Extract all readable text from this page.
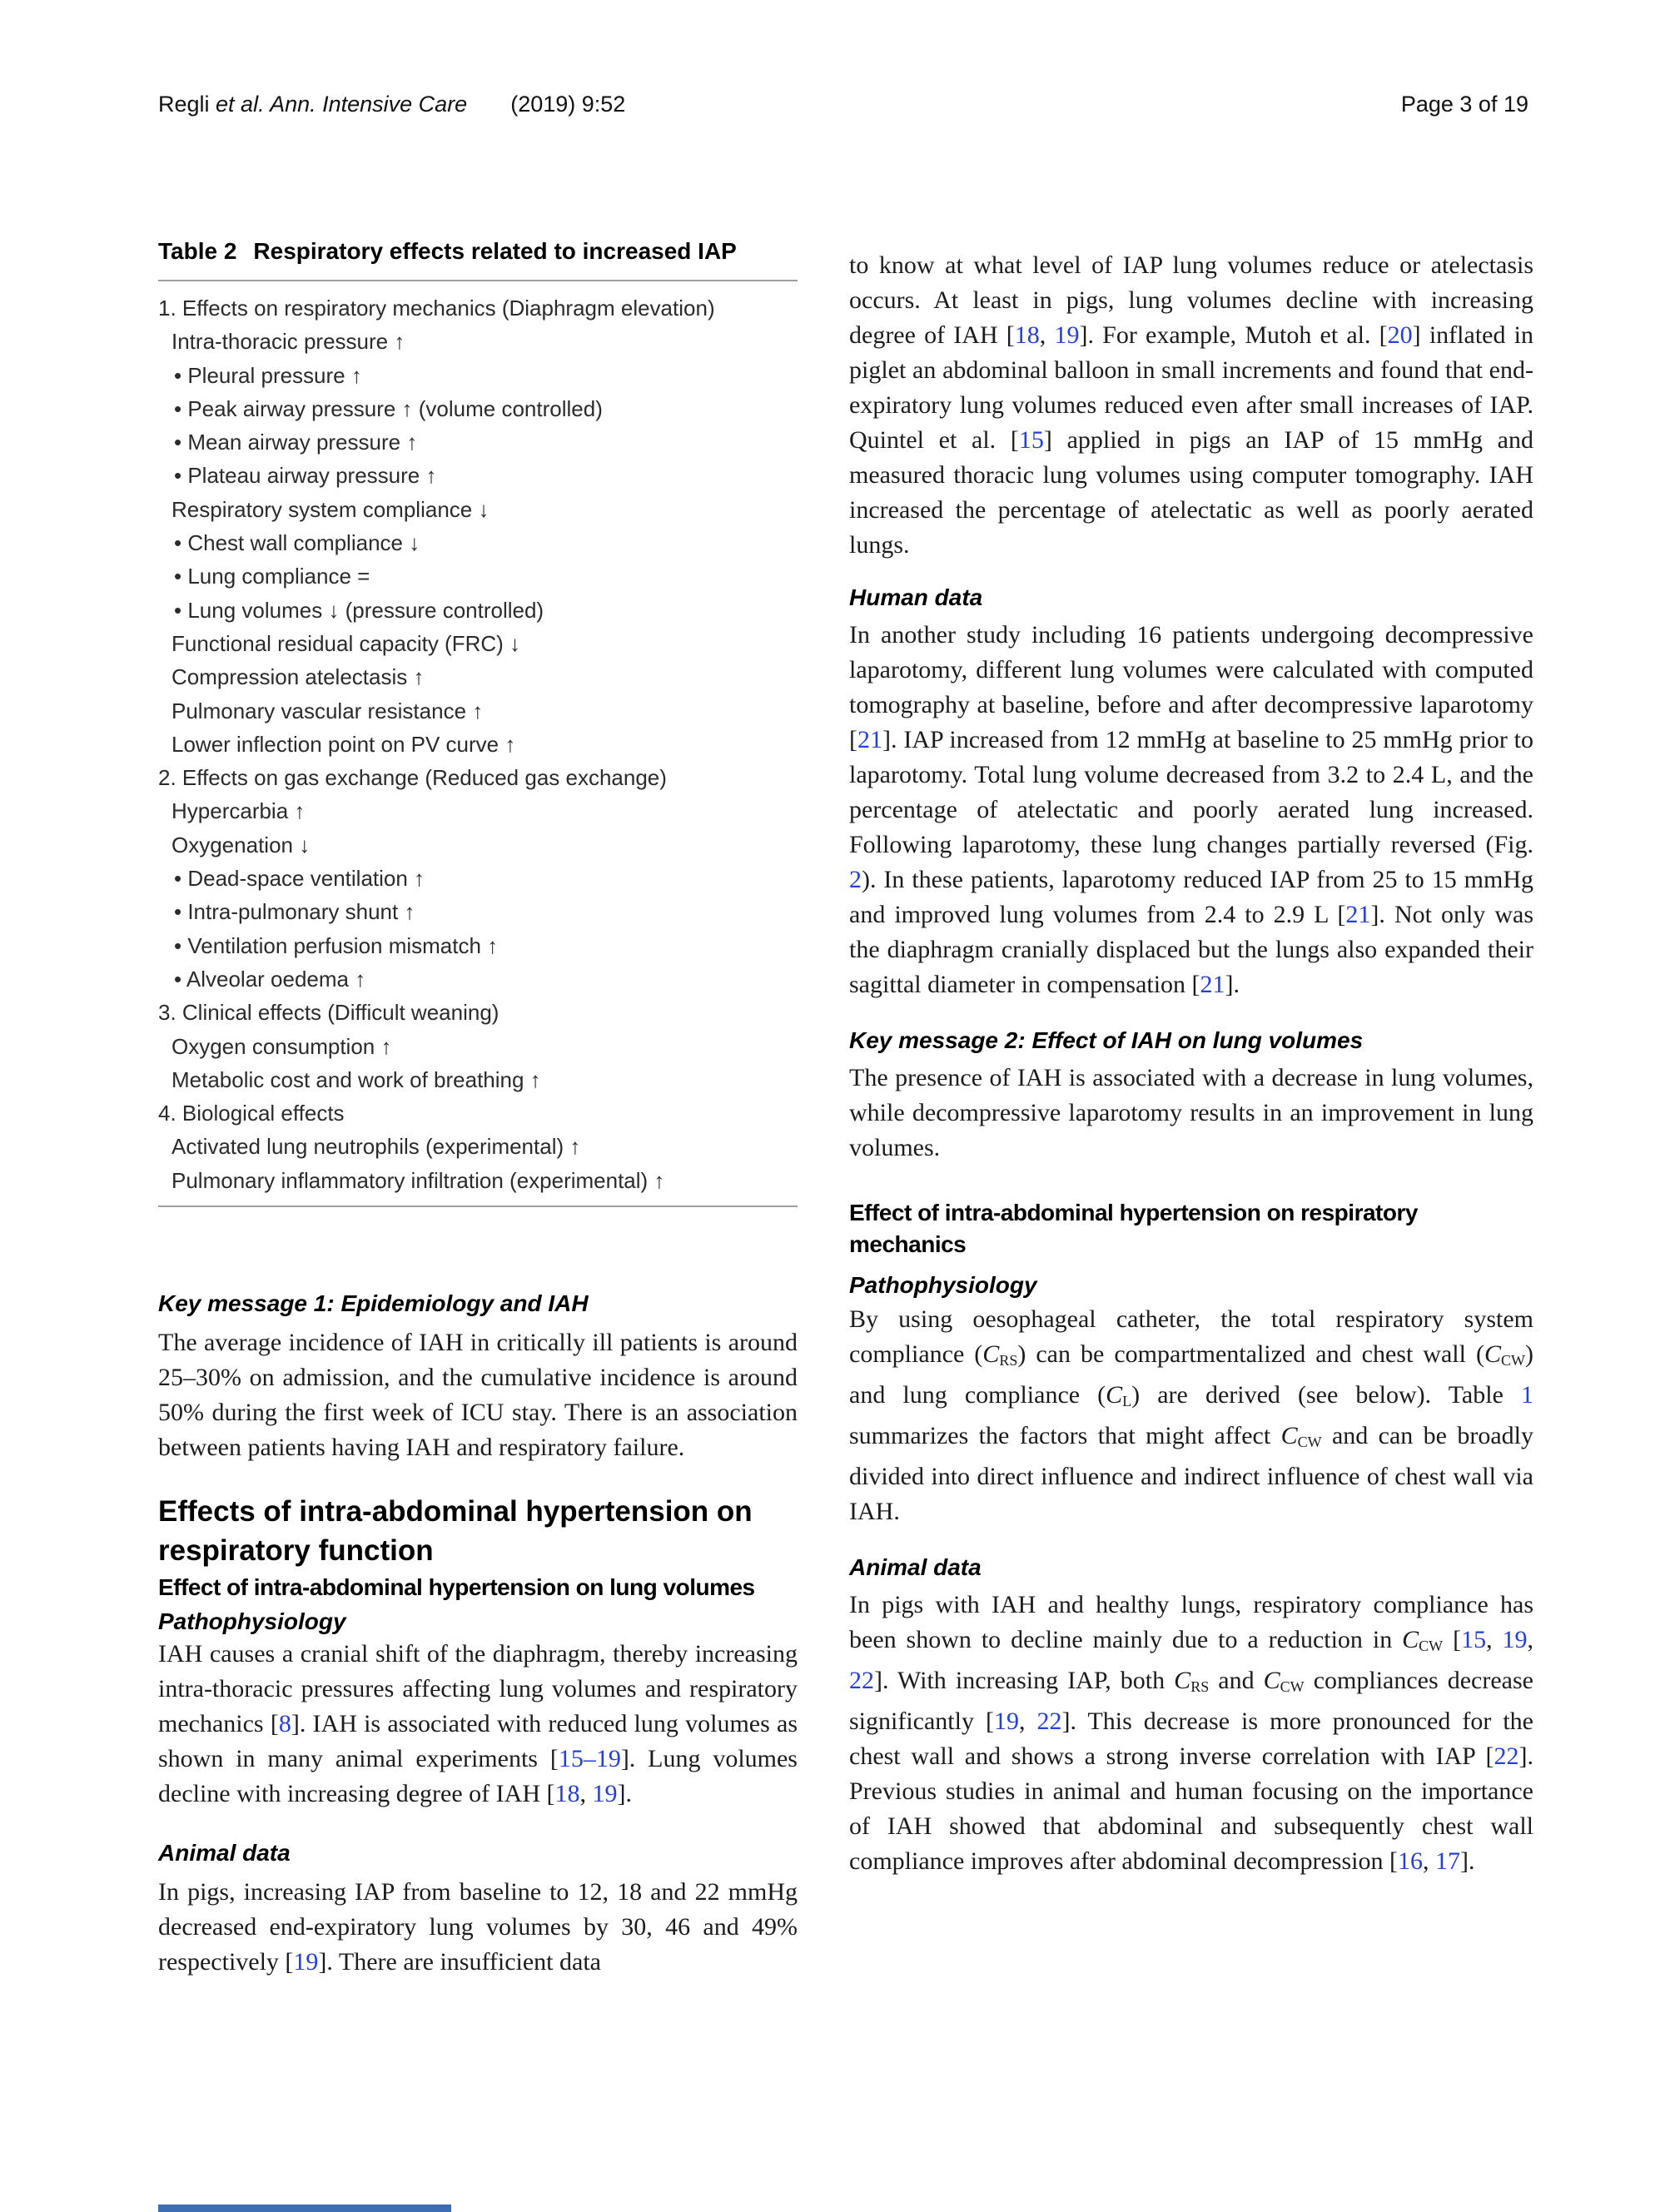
Regli et al. Ann. Intensive Care (2019) 9:52	Page 3 of 19
Table 2 Respiratory effects related to increased IAP
1. Effects on respiratory mechanics (Diaphragm elevation)
Intra-thoracic pressure ↑
• Pleural pressure ↑
• Peak airway pressure ↑ (volume controlled)
• Mean airway pressure ↑
• Plateau airway pressure ↑
Respiratory system compliance ↓
• Chest wall compliance ↓
• Lung compliance =
• Lung volumes ↓ (pressure controlled)
Functional residual capacity (FRC) ↓
Compression atelectasis ↑
Pulmonary vascular resistance ↑
Lower inflection point on PV curve ↑
2. Effects on gas exchange (Reduced gas exchange)
Hypercarbia ↑
Oxygenation ↓
• Dead-space ventilation ↑
• Intra-pulmonary shunt ↑
• Ventilation perfusion mismatch ↑
• Alveolar oedema ↑
3. Clinical effects (Difficult weaning)
Oxygen consumption ↑
Metabolic cost and work of breathing ↑
4. Biological effects
Activated lung neutrophils (experimental) ↑
Pulmonary inflammatory infiltration (experimental) ↑
Key message 1: Epidemiology and IAH

The average incidence of IAH in critically ill patients is around 25–30% on admission, and the cumulative incidence is around 50% during the first week of ICU stay. There is an association between patients having IAH and respiratory failure.

Effects of intra-abdominal hypertension on respiratory function
Effect of intra-abdominal hypertension on lung volumes
Pathophysiology

IAH causes a cranial shift of the diaphragm, thereby increasing intra-thoracic pressures affecting lung volumes and respiratory mechanics [8]. IAH is associated with reduced lung volumes as shown in many animal experiments [15–19]. Lung volumes decline with increasing degree of IAH [18, 19].

Animal data

In pigs, increasing IAP from baseline to 12, 18 and 22 mmHg decreased end-expiratory lung volumes by 30, 46 and 49% respectively [19]. There are insufficient data

to know at what level of IAP lung volumes reduce or atelectasis occurs. At least in pigs, lung volumes decline with increasing degree of IAH [18, 19]. For example, Mutoh et al. [20] inflated in piglet an abdominal balloon in small increments and found that end-expiratory lung volumes reduced even after small increases of IAP. Quintel et al. [15] applied in pigs an IAP of 15 mmHg and measured thoracic lung volumes using computer tomography. IAH increased the percentage of atelectatic as well as poorly aerated lungs.

Human data

In another study including 16 patients undergoing decompressive laparotomy, different lung volumes were calculated with computed tomography at baseline, before and after decompressive laparotomy [21]. IAP increased from 12 mmHg at baseline to 25 mmHg prior to laparotomy. Total lung volume decreased from 3.2 to 2.4 L, and the percentage of atelectatic and poorly aerated lung increased. Following laparotomy, these lung changes partially reversed (Fig. 2). In these patients, laparotomy reduced IAP from 25 to 15 mmHg and improved lung volumes from 2.4 to 2.9 L [21]. Not only was the diaphragm cranially displaced but the lungs also expanded their sagittal diameter in compensation [21].

Key message 2: Effect of IAH on lung volumes

The presence of IAH is associated with a decrease in lung volumes, while decompressive laparotomy results in an improvement in lung volumes.

Effect of intra-abdominal hypertension on respiratory mechanics
Pathophysiology

By using oesophageal catheter, the total respiratory system compliance (CRS) can be compartmentalized and chest wall (CCW) and lung compliance (CL) are derived (see below). Table 1 summarizes the factors that might affect CCW and can be broadly divided into direct influence and indirect influence of chest wall via IAH.

Animal data

In pigs with IAH and healthy lungs, respiratory compliance has been shown to decline mainly due to a reduction in CCW [15, 19, 22]. With increasing IAP, both CRS and CCW compliances decrease significantly [19, 22]. This decrease is more pronounced for the chest wall and shows a strong inverse correlation with IAP [22]. Previous studies in animal and human focusing on the importance of IAH showed that abdominal and subsequently chest wall compliance improves after abdominal decompression [16, 17].
